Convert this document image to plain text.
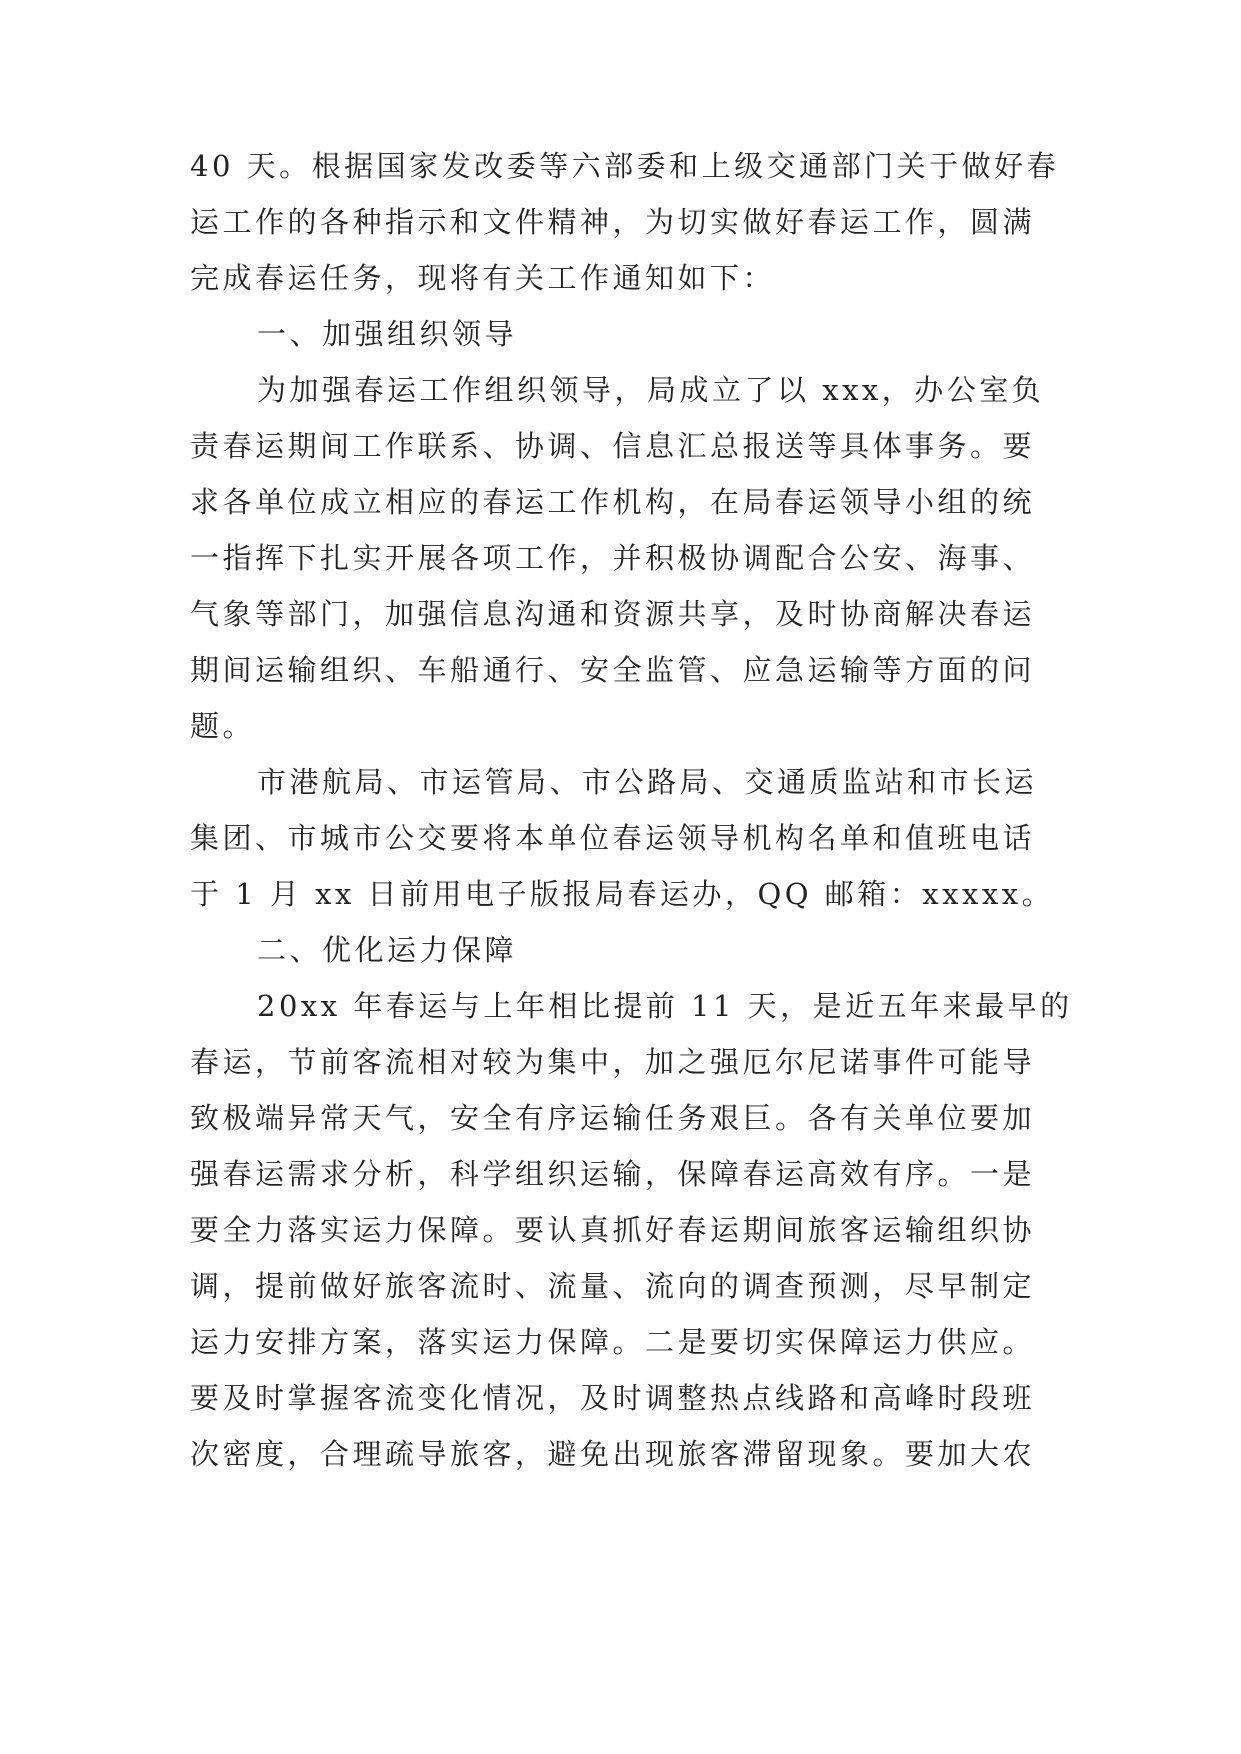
40 天。根据国家发改委等六部委和上级交通部门关于做好春
运工作的各种指示和文件精神，为切实做好春运工作，圆满
完成春运任务，现将有关工作通知如下：
一、加强组织领导
为加强春运工作组织领导，局成立了以 xxx，办公室负
责春运期间工作联系、协调、信息汇总报送等具体事务。要
求各单位成立相应的春运工作机构，在局春运领导小组的统
一指挥下扎实开展各项工作，并积极协调配合公安、海事、
气象等部门，加强信息沟通和资源共享，及时协商解决春运
期间运输组织、车船通行、安全监管、应急运输等方面的问
题。
市港航局、市运管局、市公路局、交通质监站和市长运
集团、市城市公交要将本单位春运领导机构名单和值班电话
于 1 月 xx 日前用电子版报局春运办，QQ 邮箱：xxxxx。
二、优化运力保障
20xx 年春运与上年相比提前 11 天，是近五年来最早的
春运，节前客流相对较为集中，加之强厄尔尼诺事件可能导
致极端异常天气，安全有序运输任务艰巨。各有关单位要加
强春运需求分析，科学组织运输，保障春运高效有序。一是
要全力落实运力保障。要认真抓好春运期间旅客运输组织协
调，提前做好旅客流时、流量、流向的调查预测，尽早制定
运力安排方案，落实运力保障。二是要切实保障运力供应。
要及时掌握客流变化情况，及时调整热点线路和高峰时段班
次密度，合理疏导旅客，避免出现旅客滞留现象。要加大农
